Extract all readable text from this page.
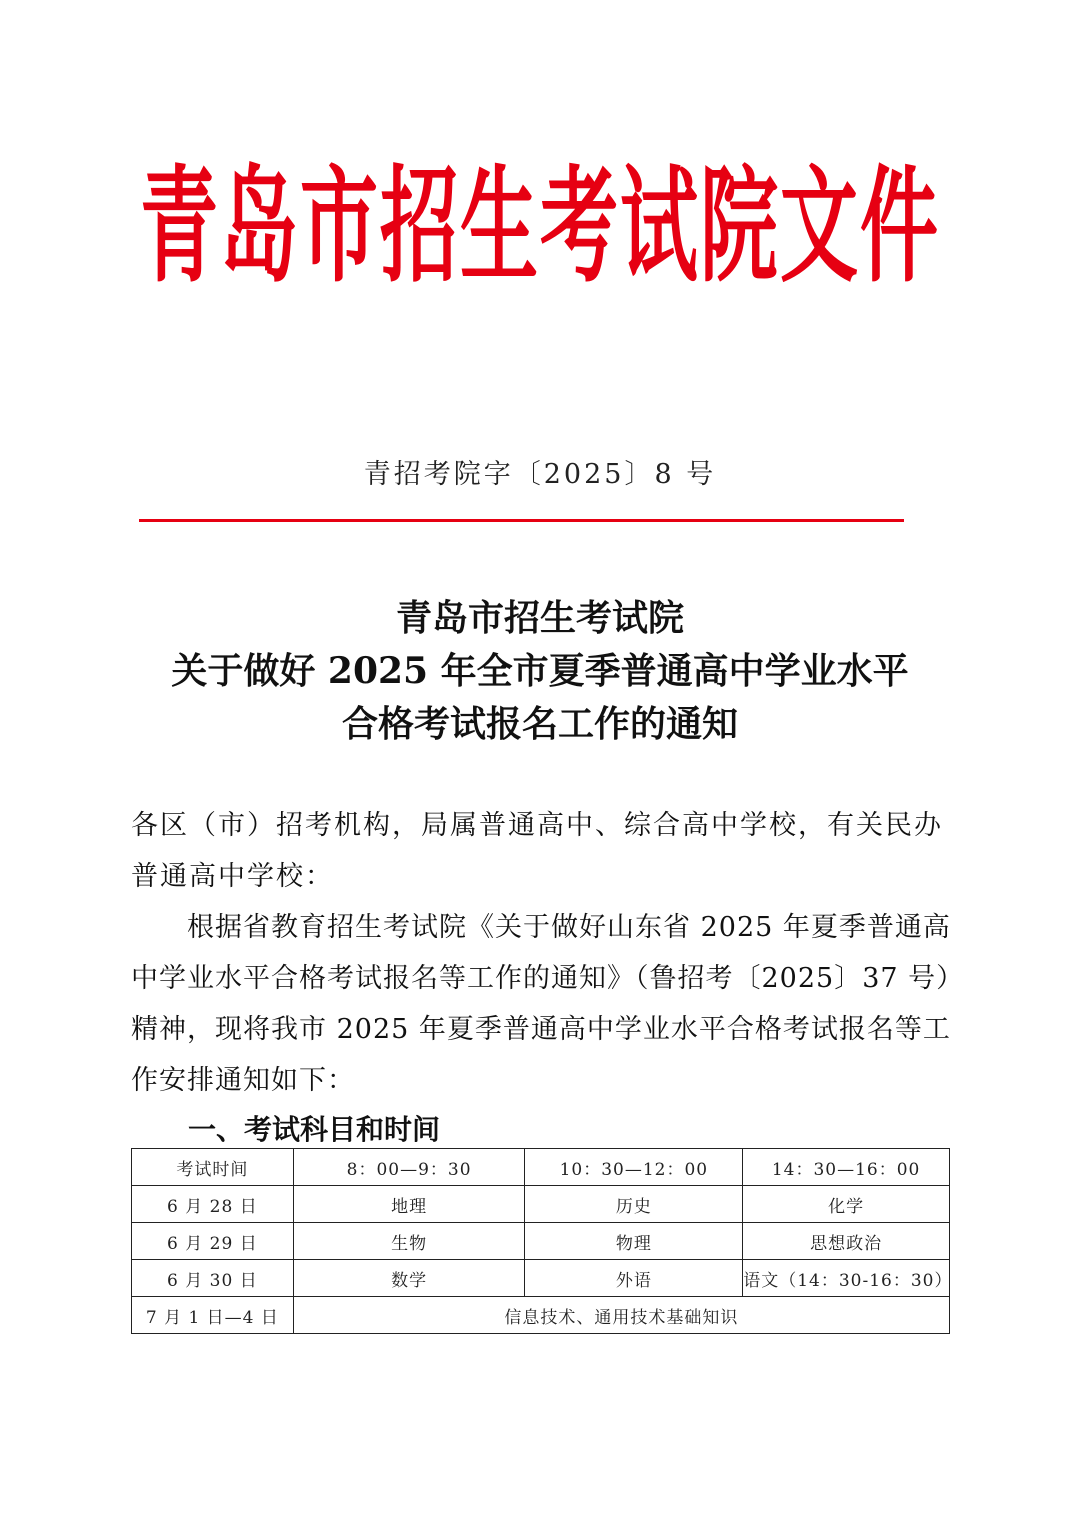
青岛市招生考试院文件
青招考院字〔2025〕8 号
青岛市招生考试院
关于做好 2025 年全市夏季普通高中学业水平
合格考试报名工作的通知

各区（市）招考机构，局属普通高中、综合高中学校，有关民办普通高中学校：

根据省教育招生考试院《关于做好山东省 2025 年夏季普通高中学业水平合格考试报名等工作的通知》（鲁招考〔2025〕37 号）精神，现将我市 2025 年夏季普通高中学业水平合格考试报名等工作安排通知如下：

一、考试科目和时间
考试时间	8：00—9：30	10：30—12：00	14：30—16：00
6 月 28 日	地理	历史	化学
6 月 29 日	生物	物理	思想政治
6 月 30 日	数学	外语	语文（14：30-16：30）
7 月 1 日—4 日	信息技术、通用技术基础知识		
